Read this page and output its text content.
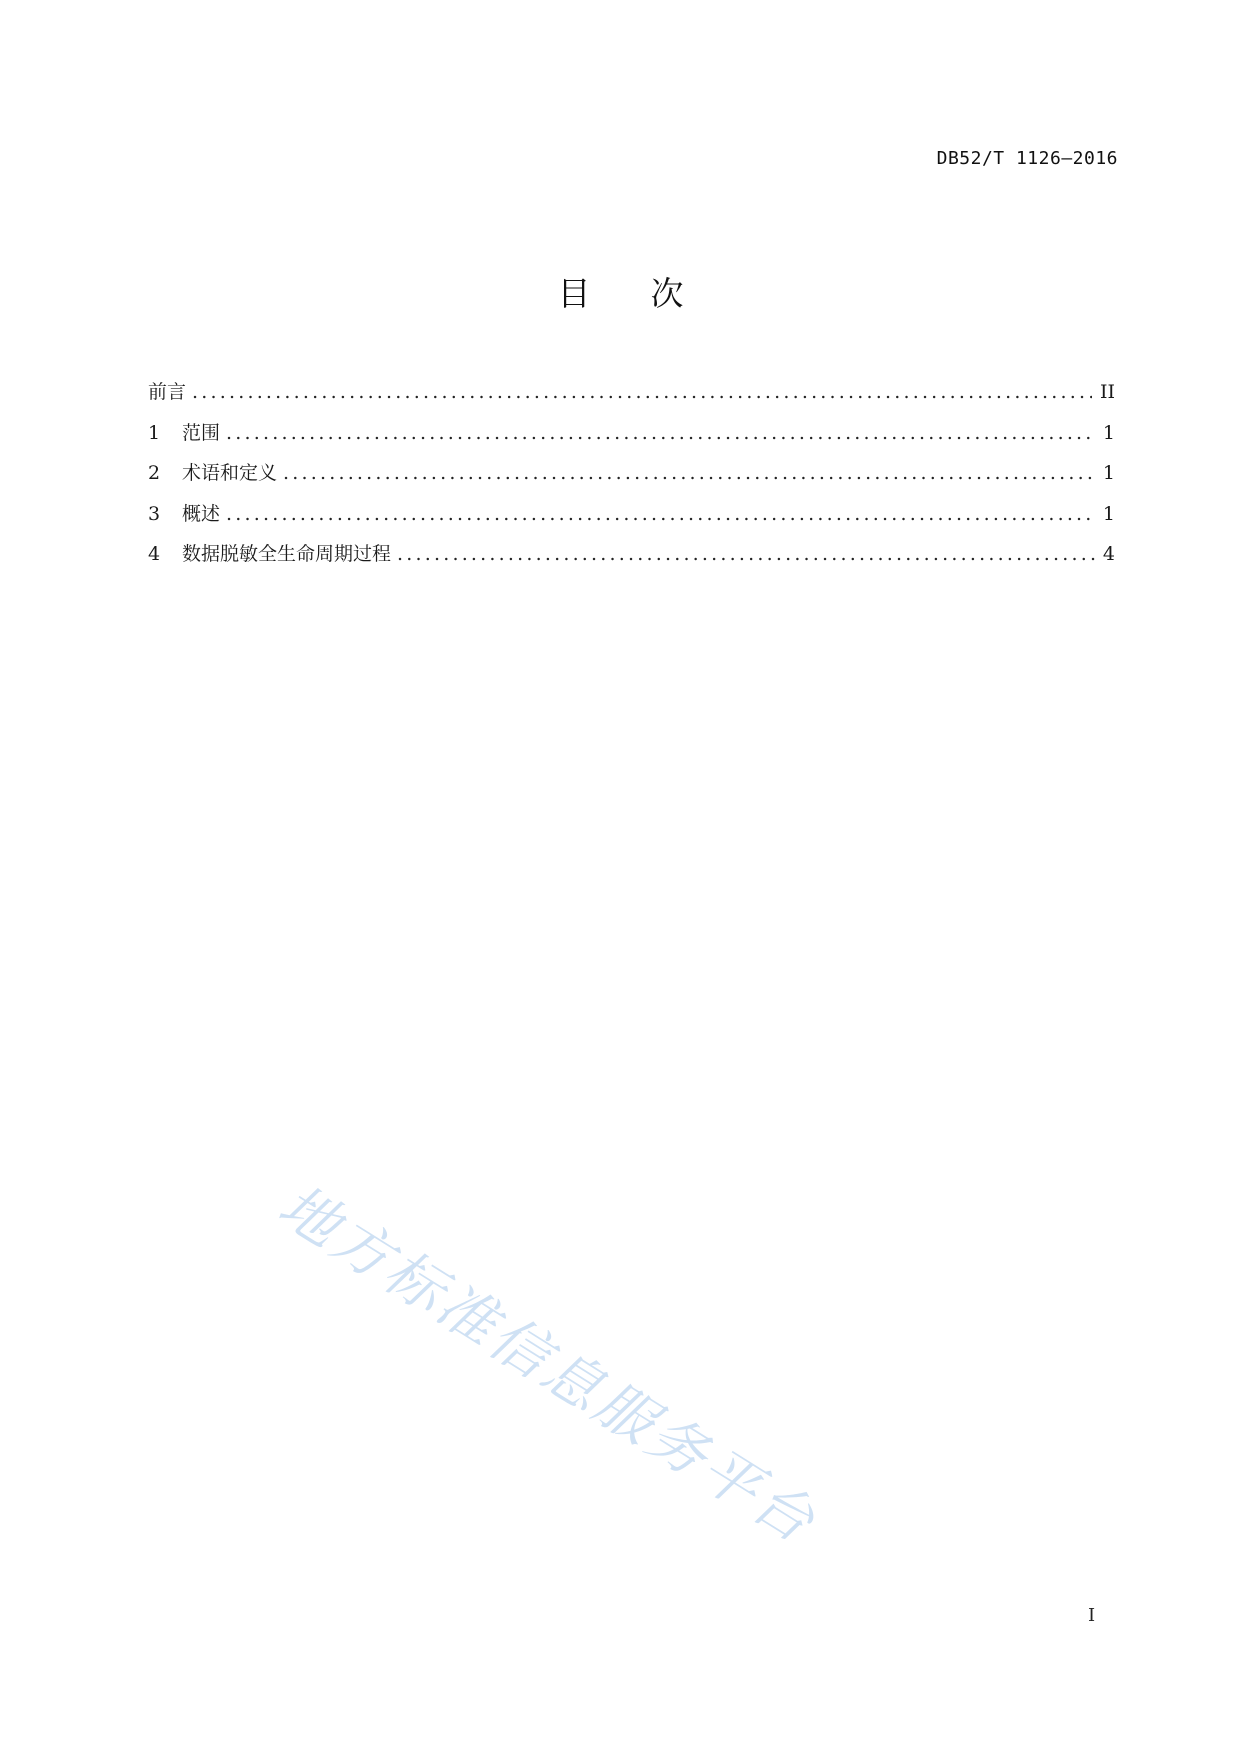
DB52/T 1126—2016
目 次
前言 .....	II
1	范围 .....	1
2	术语和定义 .....	1
3	概述 .....	1
4	数据脱敏全生命周期过程 .....	4
地方标准信息服务平台
I
